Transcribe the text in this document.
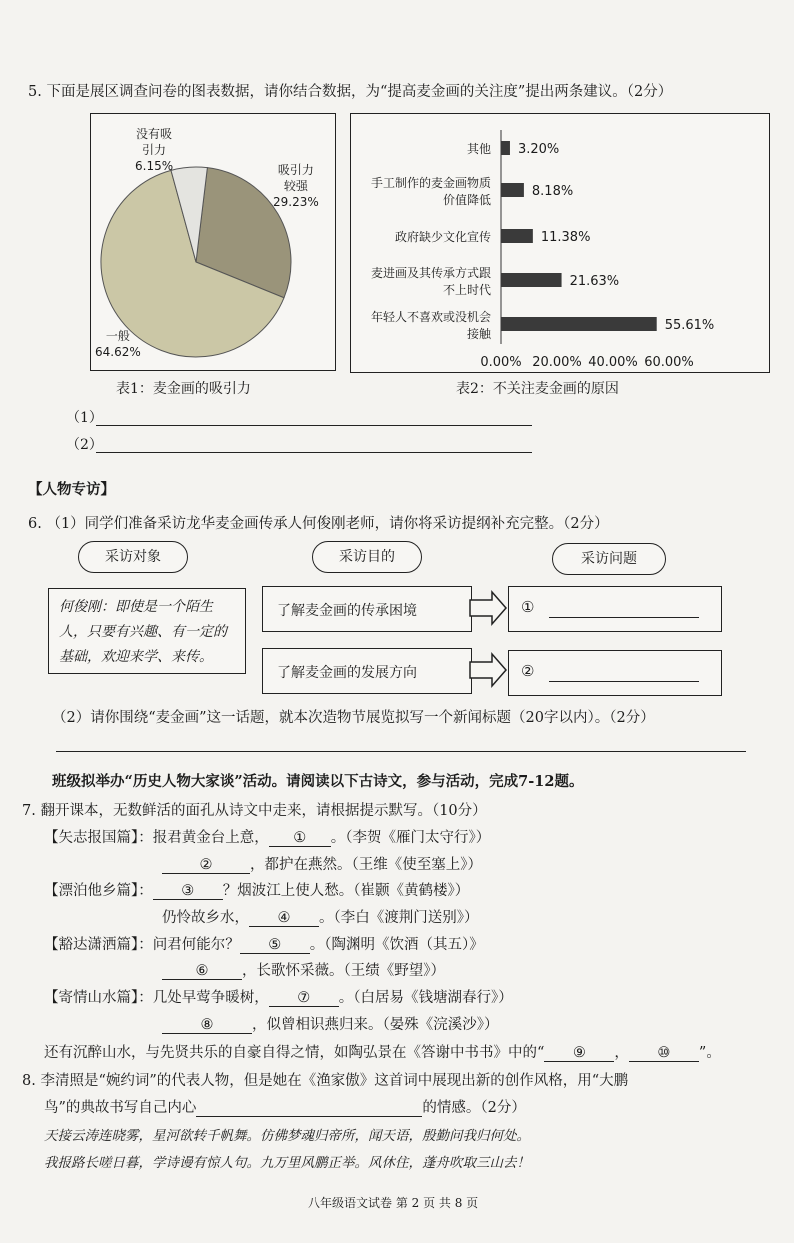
5. 下面是展区调查问卷的图表数据，请你结合数据，为“提高麦金画的关注度”提出两条建议。（2分）
没有吸
引力
6.15%	吸引力
较强
29.23%
一般
64.62%
表1：麦金画的吸引力
3.20%
其他
8.18%
手工制作的麦金画物质
价值降低
11.38%
政府缺少文化宣传
21.63%
麦进画及其传承方式跟
不上时代
55.61%
年轻人不喜欢或没机会
接触
0.00% 20.00% 40.00% 60.00%
表2：不关注麦金画的原因
（1）
（2）
【人物专访】
6. （1）同学们准备采访龙华麦金画传承人何俊刚老师，请你将采访提纲补充完整。（2分）
采访对象	采访目的	采访问题
何俊刚：即使是一个陌生
人，只要有兴趣、有一定的
基础，欢迎来学、来传。
了解麦金画的传承困境
了解麦金画的发展方向
①
②
（2）请你围绕“麦金画”这一话题，就本次造物节展览拟写一个新闻标题（20字以内）。（2分）
班级拟举办“历史人物大家谈”活动。请阅读以下古诗文，参与活动，完成7-12题。
7. 翻开课本，无数鲜活的面孔从诗文中走来，请根据提示默写。（10分）
【矢志报国篇】：报君黄金台上意， ① 。（李贺《雁门太守行》）
②	，都护在燕然。（王维《使至塞上》）
【漂泊他乡篇】： ③ ？烟波江上使人愁。（崔颢《黄鹤楼》）
仍怜故乡水， ④ 。（李白《渡荆门送别》）
【豁达潇洒篇】：问君何能尔？ ⑤ 。（陶渊明《饮酒（其五）》
⑥ ，长歌怀采薇。（王绩《野望》）
【寄情山水篇】：几处早莺争暖树， ⑦ 。（白居易《钱塘湖春行》）
⑧	，似曾相识燕归来。（晏殊《浣溪沙》）
还有沉醉山水，与先贤共乐的自豪自得之情，如陶弘景在《答谢中书书》中的“ ⑨ ， ⑩ ”。
8. 李清照是“婉约词”的代表人物，但是她在《渔家傲》这首词中展现出新的创作风格，用“大鹏
鸟”的典故书写自己内心	的情感。（2分）
天接云涛连晓雾，星河欲转千帆舞。仿佛梦魂归帝所，闻天语，殷勤问我归何处。
我报路长嗟日暮，学诗谩有惊人句。九万里风鹏正举。风休住，蓬舟吹取三山去！
八年级语文试卷 第 2 页 共 8 页
